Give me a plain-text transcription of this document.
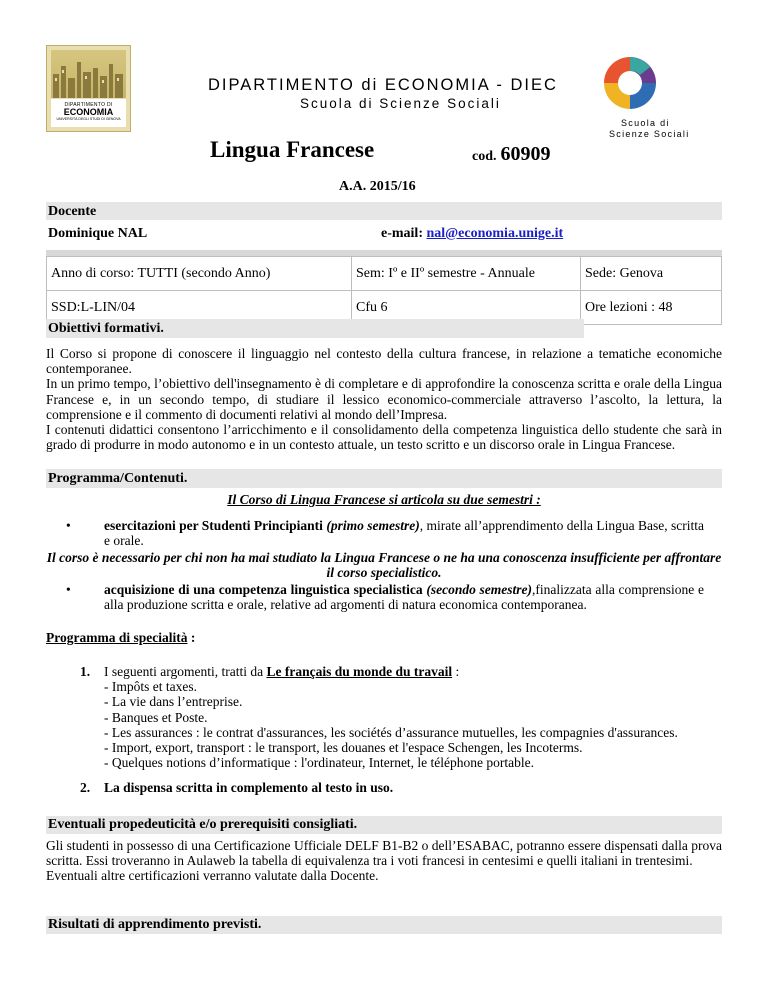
DIPARTIMENTO DI
ECONOMIA
UNIVERSITÀ DEGLI STUDI DI GENOVA
DIPARTIMENTO di ECONOMIA - DIEC
Scuola di Scienze Sociali
Scuola di
Scienze Sociali
Lingua Francese	cod. 60909
A.A. 2015/16
Docente
Dominique NAL	e-mail: nal@economia.unige.it

Anno di corso: TUTTI (secondo Anno)	Sem: Iº e IIº semestre - Annuale	Sede: Genova
SSD:L-LIN/04	Cfu 6	Ore lezioni : 48
Obiettivi formativi.
Il Corso si propone di conoscere il linguaggio nel contesto della cultura francese, in relazione a tematiche economiche contemporanee.
In un primo tempo, l’obiettivo dell'insegnamento è di completare e di approfondire la conoscenza scritta e orale della Lingua Francese e, in un secondo tempo, di studiare il lessico economico-commerciale attraverso l’ascolto, la lettura, la comprensione e il commento di documenti relativi al mondo dell’Impresa.
I contenuti didattici consentono l’arricchimento e il consolidamento della competenza linguistica dello studente che sarà in grado di produrre in modo autonomo e in un contesto attuale, un testo scritto e un discorso orale in Lingua Francese.
Programma/Contenuti.
Il Corso di Lingua Francese si articola su due semestri :
• esercitazioni per Studenti Principianti (primo semestre), mirate all’apprendimento della Lingua Base, scritta e orale.
Il corso è necessario per chi non ha mai studiato la Lingua Francese o ne ha una conoscenza insufficiente per affrontare il corso specialistico.
• acquisizione di una competenza linguistica specialistica (secondo semestre),finalizzata alla comprensione e alla produzione scritta e orale, relative ad argomenti di natura economica contemporanea.
Programma di specialità :
1. I seguenti argomenti, tratti da Le français du monde du travail :
- Impôts et taxes.
- La vie dans l’entreprise.
- Banques et Poste.
- Les assurances : le contrat d'assurances, les sociétés d’assurance mutuelles, les compagnies d'assurances.
- Import, export, transport : le transport, les douanes et l'espace Schengen, les Incoterms.
- Quelques notions d’informatique : l'ordinateur, Internet, le téléphone portable.
2. La dispensa scritta in complemento al testo in uso.
Eventuali propedeuticità e/o prerequisiti consigliati.
Gli studenti in possesso di una Certificazione Ufficiale DELF B1-B2 o dell’ESABAC, potranno essere dispensati dalla prova scritta. Essi troveranno in Aulaweb la tabella di equivalenza tra i voti francesi in centesimi e quelli italiani in trentesimi.
Eventuali altre certificazioni verranno valutate dalla Docente.
Risultati di apprendimento previsti.
